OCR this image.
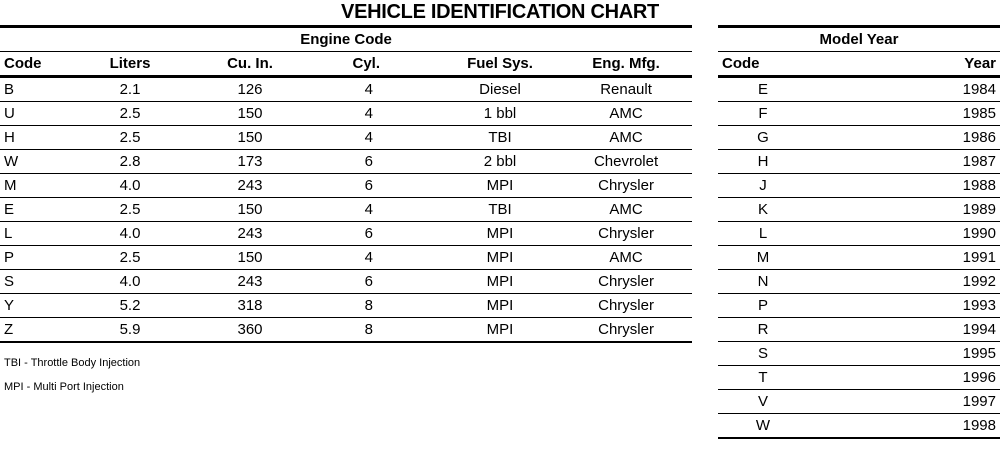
VEHICLE IDENTIFICATION CHART
Engine Code					
Code	Liters	Cu. In.	Cyl.	Fuel Sys.	Eng. Mfg.
B	2.1	126	4	Diesel	Renault
U	2.5	150	4	1 bbl	AMC
H	2.5	150	4	TBI	AMC
W	2.8	173	6	2 bbl	Chevrolet
M	4.0	243	6	MPI	Chrysler
E	2.5	150	4	TBI	AMC
L	4.0	243	6	MPI	Chrysler
P	2.5	150	4	MPI	AMC
S	4.0	243	6	MPI	Chrysler
Y	5.2	318	8	MPI	Chrysler
Z	5.9	360	8	MPI	Chrysler
TBI - Throttle Body Injection
MPI - Multi Port Injection
Model Year	
Code	Year
E	1984
F	1985
G	1986
H	1987
J	1988
K	1989
L	1990
M	1991
N	1992
P	1993
R	1994
S	1995
T	1996
V	1997
W	1998
